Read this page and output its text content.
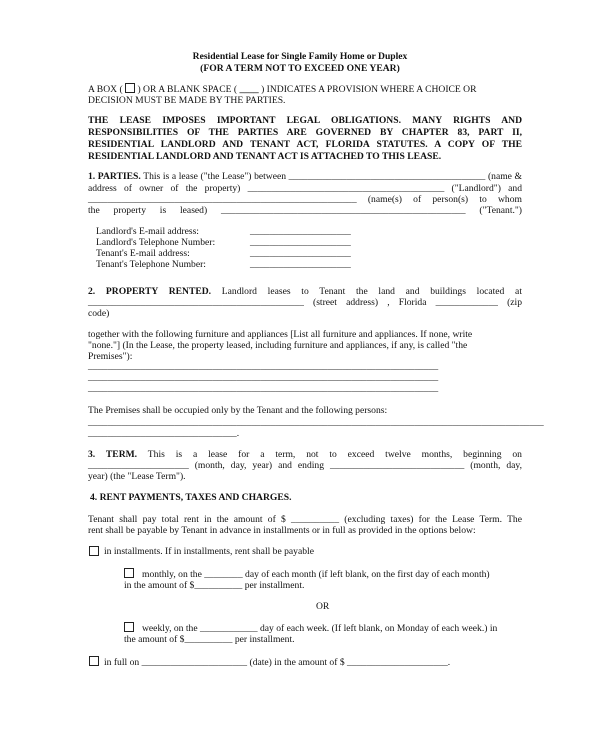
Residential Lease for Single Family Home or Duplex

(FOR A TERM NOT TO EXCEED ONE YEAR)

A BOX ( ) OR A BLANK SPACE ( ____ ) INDICATES A PROVISION WHERE A CHOICE OR

DECISION MUST BE MADE BY THE PARTIES.

THE LEASE IMPOSES IMPORTANT LEGAL OBLIGATIONS. MANY RIGHTS AND

RESPONSIBILITIES OF THE PARTIES ARE GOVERNED BY CHAPTER 83, PART II,

RESIDENTIAL LANDLORD AND TENANT ACT, FLORIDA STATUTES. A COPY OF THE

RESIDENTIAL LANDLORD AND TENANT ACT IS ATTACHED TO THIS LEASE.

1. PARTIES. This is a lease ("the Lease") between _________________________________________ (name &

address of owner of the property) _________________________________________ ("Landlord") and

________________________________________________________ (name(s) of person(s) to whom

the property is leased) ___________________________________________________ ("Tenant.")

Landlord's E-mail address:	_____________________

Landlord's Telephone Number:	_____________________

Tenant's E-mail address:	_____________________

Tenant's Telephone Number:	_____________________

2. PROPERTY RENTED. Landlord leases to Tenant the land and buildings located at

_____________________________________________ (street address) , Florida _____________ (zip

code)

together with the following furniture and appliances [List all furniture and appliances. If none, write

"none."] (In the Lease, the property leased, including furniture and appliances, if any, is called "the

Premises"):

_________________________________________________________________________

_________________________________________________________________________

_________________________________________________________________________

The Premises shall be occupied only by the Tenant and the following persons:

_______________________________________________________________________________________________

_______________________________.

3. TERM. This is a lease for a term, not to exceed twelve months, beginning on

_____________________ (month, day, year) and ending ____________________________ (month, day,

year) (the "Lease Term").

4. RENT PAYMENTS, TAXES AND CHARGES.

Tenant shall pay total rent in the amount of $ __________ (excluding taxes) for the Lease Term. The

rent shall be payable by Tenant in advance in installments or in full as provided in the options below:

in installments. If in installments, rent shall be payable

monthly, on the ________ day of each month (if left blank, on the first day of each month)

in the amount of $__________ per installment.

OR

weekly, on the ____________ day of each week. (If left blank, on Monday of each week.) in

the amount of $__________ per installment.

in full on ______________________ (date) in the amount of $ _____________________.
